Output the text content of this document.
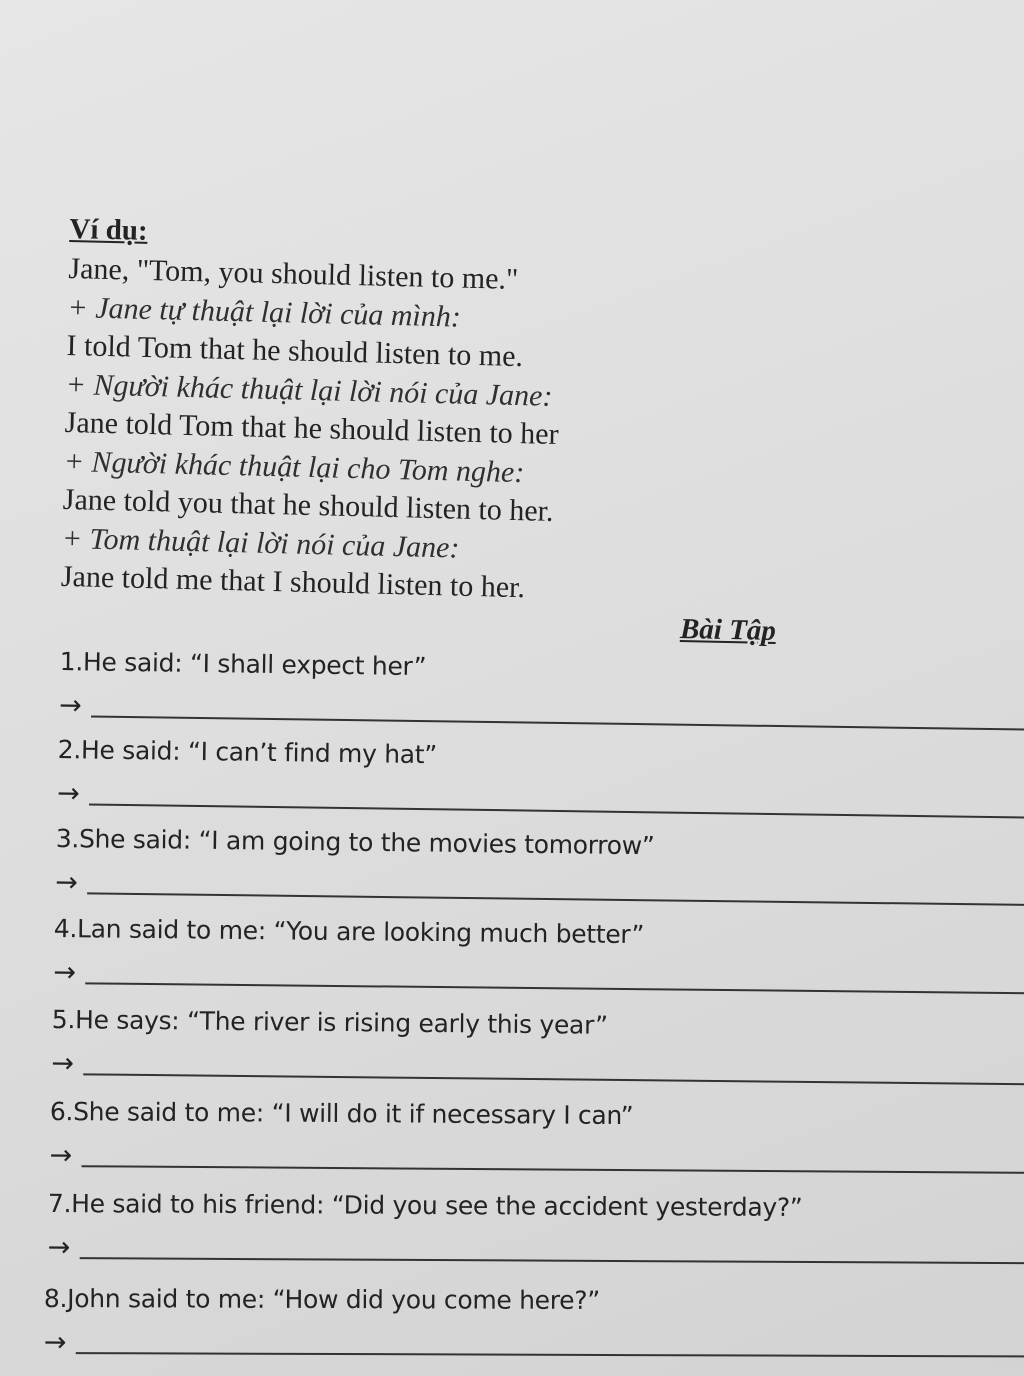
Ví dụ:

Jane, "Tom, you should listen to me."

+ Jane tự thuật lại lời của mình:

I told Tom that he should listen to me.

+ Người khác thuật lại lời nói của Jane:

Jane told Tom that he should listen to her

+ Người khác thuật lại cho Tom nghe:

Jane told you that he should listen to her.

+ Tom thuật lại lời nói của Jane:

Jane told me that I should listen to her.

Bài Tập

1.He said: “I shall expect her”

→

2.He said: “I can’t find my hat”

→

3.She said: “I am going to the movies tomorrow”

→

4.Lan said to me: “You are looking much better”

→

5.He says: “The river is rising early this year”

→

6.She said to me: “I will do it if necessary I can”

→

7.He said to his friend: “Did you see the accident yesterday?”

→

8.John said to me: “How did you come here?”

→
